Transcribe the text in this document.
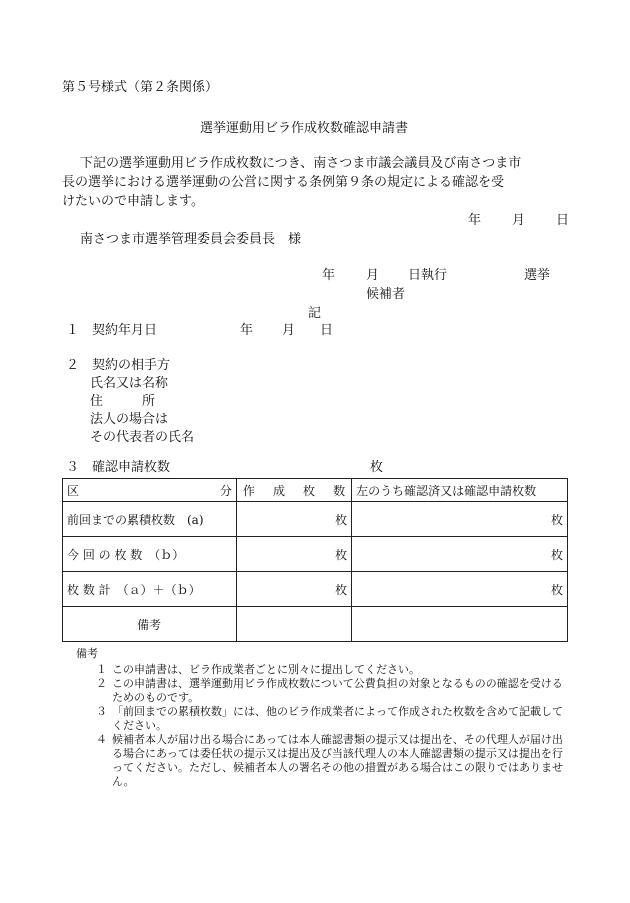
第５号様式（第２条関係）
選挙運動用ビラ作成枚数確認申請書
下記の選挙運動用ビラ作成枚数につき、南さつま市議会議員及び南さつま市
長の選挙における選挙運動の公営に関する条例第９条の規定による確認を受
けたいので申請します。
年 月 日
南さつま市選挙管理委員会委員長　様
年 月 日執行	選挙
候補者
記
１　契約年月日	年 月 日
２　契約の相手方
氏名又は名称
住　　　所
法人の場合は
その代表者の氏名
３　確認申請枚数	枚
区 分	作 成 枚 数	左のうち確認済又は確認申請枚数
前回までの累積枚数　(a)	枚	枚
今 回 の 枚 数　（ｂ）	枚	枚
枚 数 計　（ａ）＋（ｂ）	枚	枚
備考		
備考
１ この申請書は、ビラ作成業者ごとに別々に提出してください。
２ この申請書は、選挙運動用ビラ作成枚数について公費負担の対象となるものの確認を受けるためのものです。
３ 「前回までの累積枚数」には、他のビラ作成業者によって作成された枚数を含めて記載してください。
４ 候補者本人が届け出る場合にあっては本人確認書類の提示又は提出を、その代理人が届け出る場合にあっては委任状の提示又は提出及び当該代理人の本人確認書類の提示又は提出を行ってください。ただし、候補者本人の署名その他の措置がある場合はこの限りではありません。
